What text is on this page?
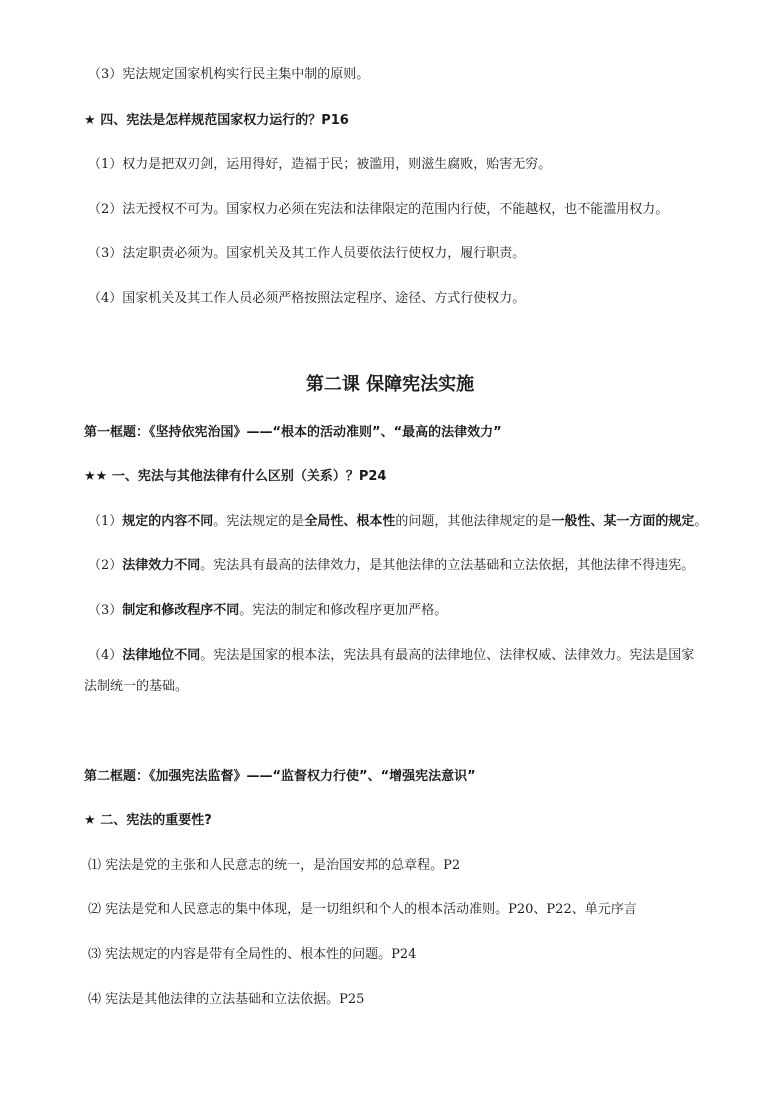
（3）宪法规定国家机构实行民主集中制的原则。
★ 四、宪法是怎样规范国家权力运行的？P16
（1）权力是把双刃剑，运用得好，造福于民；被滥用，则滋生腐败，贻害无穷。
（2）法无授权不可为。国家权力必须在宪法和法律限定的范围内行使，不能越权，也不能滥用权力。
（3）法定职责必须为。国家机关及其工作人员要依法行使权力，履行职责。
（4）国家机关及其工作人员必须严格按照法定程序、途径、方式行使权力。
第二课 保障宪法实施
第一框题：《坚持依宪治国》——“根本的活动准则”、“最高的法律效力”
★★ 一、宪法与其他法律有什么区别（关系）？P24
（1）规定的内容不同。宪法规定的是全局性、根本性的问题，其他法律规定的是一般性、某一方面的规定。
（2）法律效力不同。宪法具有最高的法律效力，是其他法律的立法基础和立法依据，其他法律不得违宪。
（3）制定和修改程序不同。宪法的制定和修改程序更加严格。
（4）法律地位不同。宪法是国家的根本法，宪法具有最高的法律地位、法律权威、法律效力。宪法是国家
法制统一的基础。
第二框题：《加强宪法监督》——“监督权力行使”、“增强宪法意识”
★ 二、宪法的重要性?
⑴ 宪法是党的主张和人民意志的统一，是治国安邦的总章程。P2
⑵ 宪法是党和人民意志的集中体现，是一切组织和个人的根本活动准则。P20、P22、单元序言
⑶ 宪法规定的内容是带有全局性的、根本性的问题。P24
⑷ 宪法是其他法律的立法基础和立法依据。P25
